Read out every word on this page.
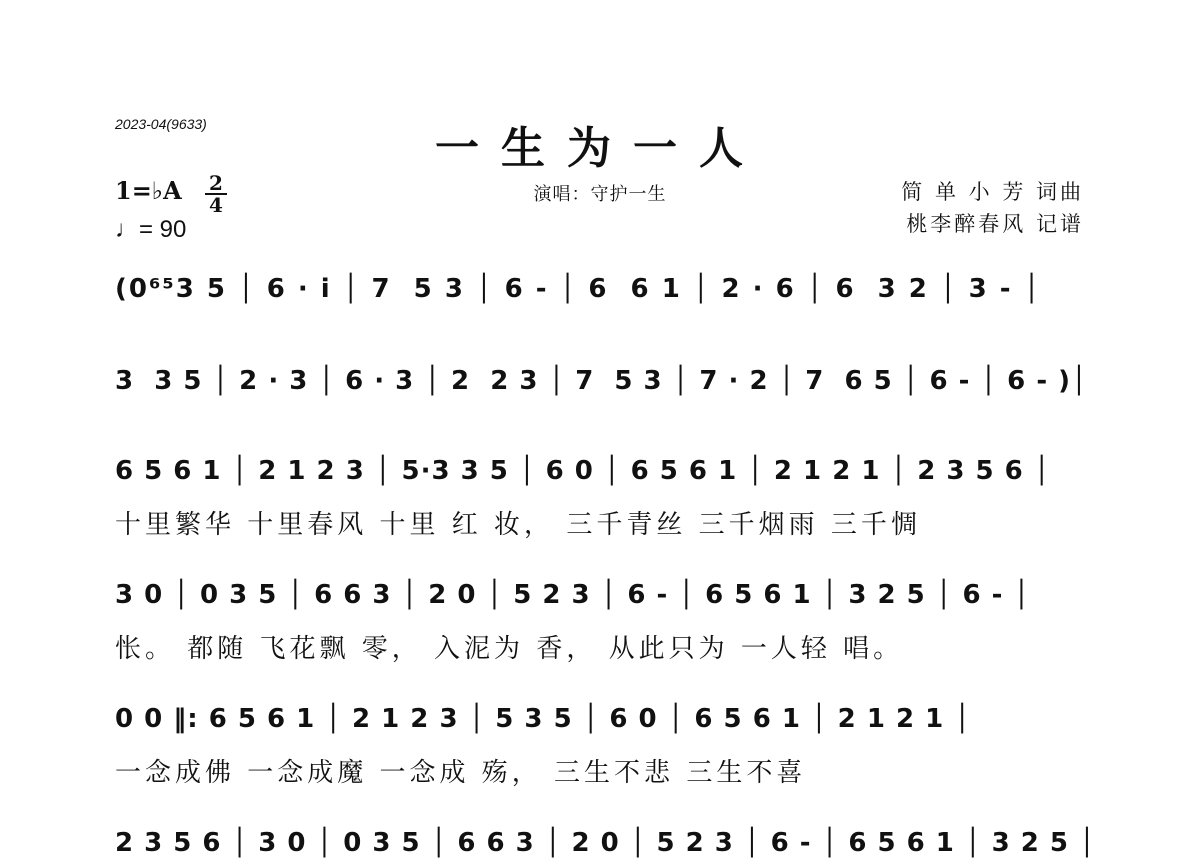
2023-04(9633)	一生为一人
演唱：守护一生	简 单 小 芳 词曲
桃李醉春风 记谱
1=♭A 2
4
♩= 90
(0⁶⁵3 5 │ 6 · i │ 7  5 3 │ 6 - │ 6  6 1 │ 2 · 6 │ 6  3 2 │ 3 - │
3  3 5 │ 2 · 3 │ 6 · 3 │ 2  2 3 │ 7  5 3 │ 7 · 2 │ 7  6 5 │ 6 - │ 6 - )│
6 5 6 1 │ 2 1 2 3 │ 5·3 3 5 │ 6 0 │ 6 5 6 1 │ 2 1 2 1 │ 2 3 5 6 │
十里繁华 十里春风 十里 红 妆， 三千青丝 三千烟雨 三千惆
3 0 │ 0 3 5 │ 6 6 3 │ 2 0 │ 5 2 3 │ 6 - │ 6 5 6 1 │ 3 2 5 │ 6 - │
怅。 都随 飞花飘 零， 入泥为 香， 从此只为 一人轻 唱。
0 0 ‖: 6 5 6 1 │ 2 1 2 3 │ 5 3 5 │ 6 0 │ 6 5 6 1 │ 2 1 2 1 │
一念成佛 一念成魔 一念成 殇， 三生不悲 三生不喜
2 3 5 6 │ 3 0 │ 0 3 5 │ 6 6 3 │ 2 0 │ 5 2 3 │ 6 - │ 6 5 6 1 │ 3 2 5 │
